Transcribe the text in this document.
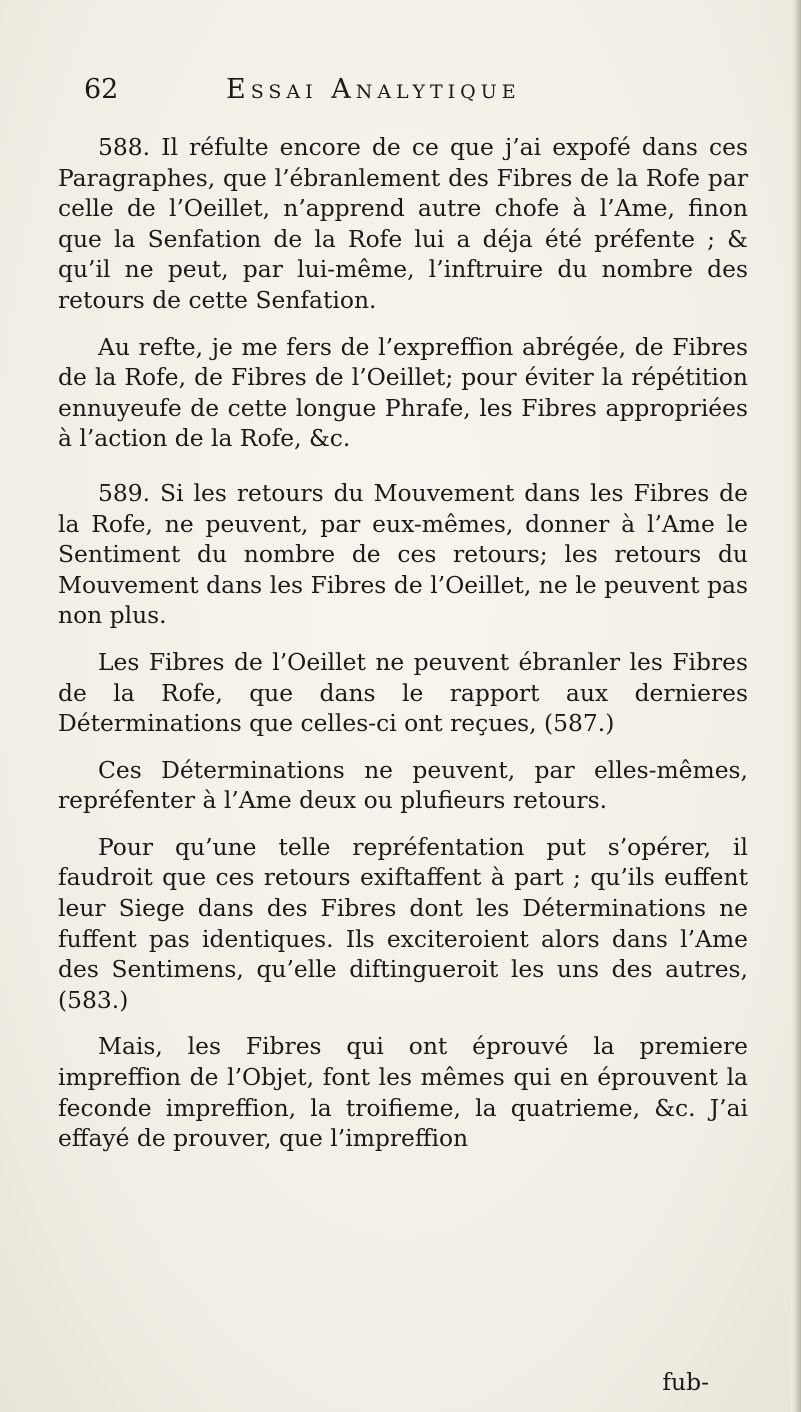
62	Essai Analytique

588. Il réfulte encore de ce que j’ai expofé dans ces Paragraphes, que l’ébranlement des Fibres de la Rofe par celle de l’Oeillet, n’apprend autre chofe à l’Ame, finon que la Senfation de la Rofe lui a déja été préfente ; & qu’il ne peut, par lui-même, l’inftruire du nombre des retours de cette Senfation.

Au refte, je me fers de l’expreffion abrégée, de Fibres de la Rofe, de Fibres de l’Oeillet; pour éviter la répétition ennuyeufe de cette longue Phrafe, les Fibres appropriées à l’action de la Rofe, &c.

589. Si les retours du Mouvement dans les Fibres de la Rofe, ne peuvent, par eux-mêmes, donner à l’Ame le Sentiment du nombre de ces retours; les retours du Mouvement dans les Fibres de l’Oeillet, ne le peuvent pas non plus.

Les Fibres de l’Oeillet ne peuvent ébranler les Fibres de la Rofe, que dans le rapport aux dernieres Déterminations que celles-ci ont reçues, (587.)

Ces Déterminations ne peuvent, par elles-mêmes, repréfenter à l’Ame deux ou plufieurs retours.

Pour qu’une telle repréfentation put s’opérer, il faudroit que ces retours exiftaffent à part ; qu’ils euffent leur Siege dans des Fibres dont les Déterminations ne fuffent pas identiques. Ils exciteroient alors dans l’Ame des Sentimens, qu’elle diftingueroit les uns des autres, (583.)

Mais, les Fibres qui ont éprouvé la premiere impreffion de l’Objet, font les mêmes qui en éprouvent la feconde impreffion, la troifieme, la quatrieme, &c. J’ai effayé de prouver, que l’impreffion

fub-
